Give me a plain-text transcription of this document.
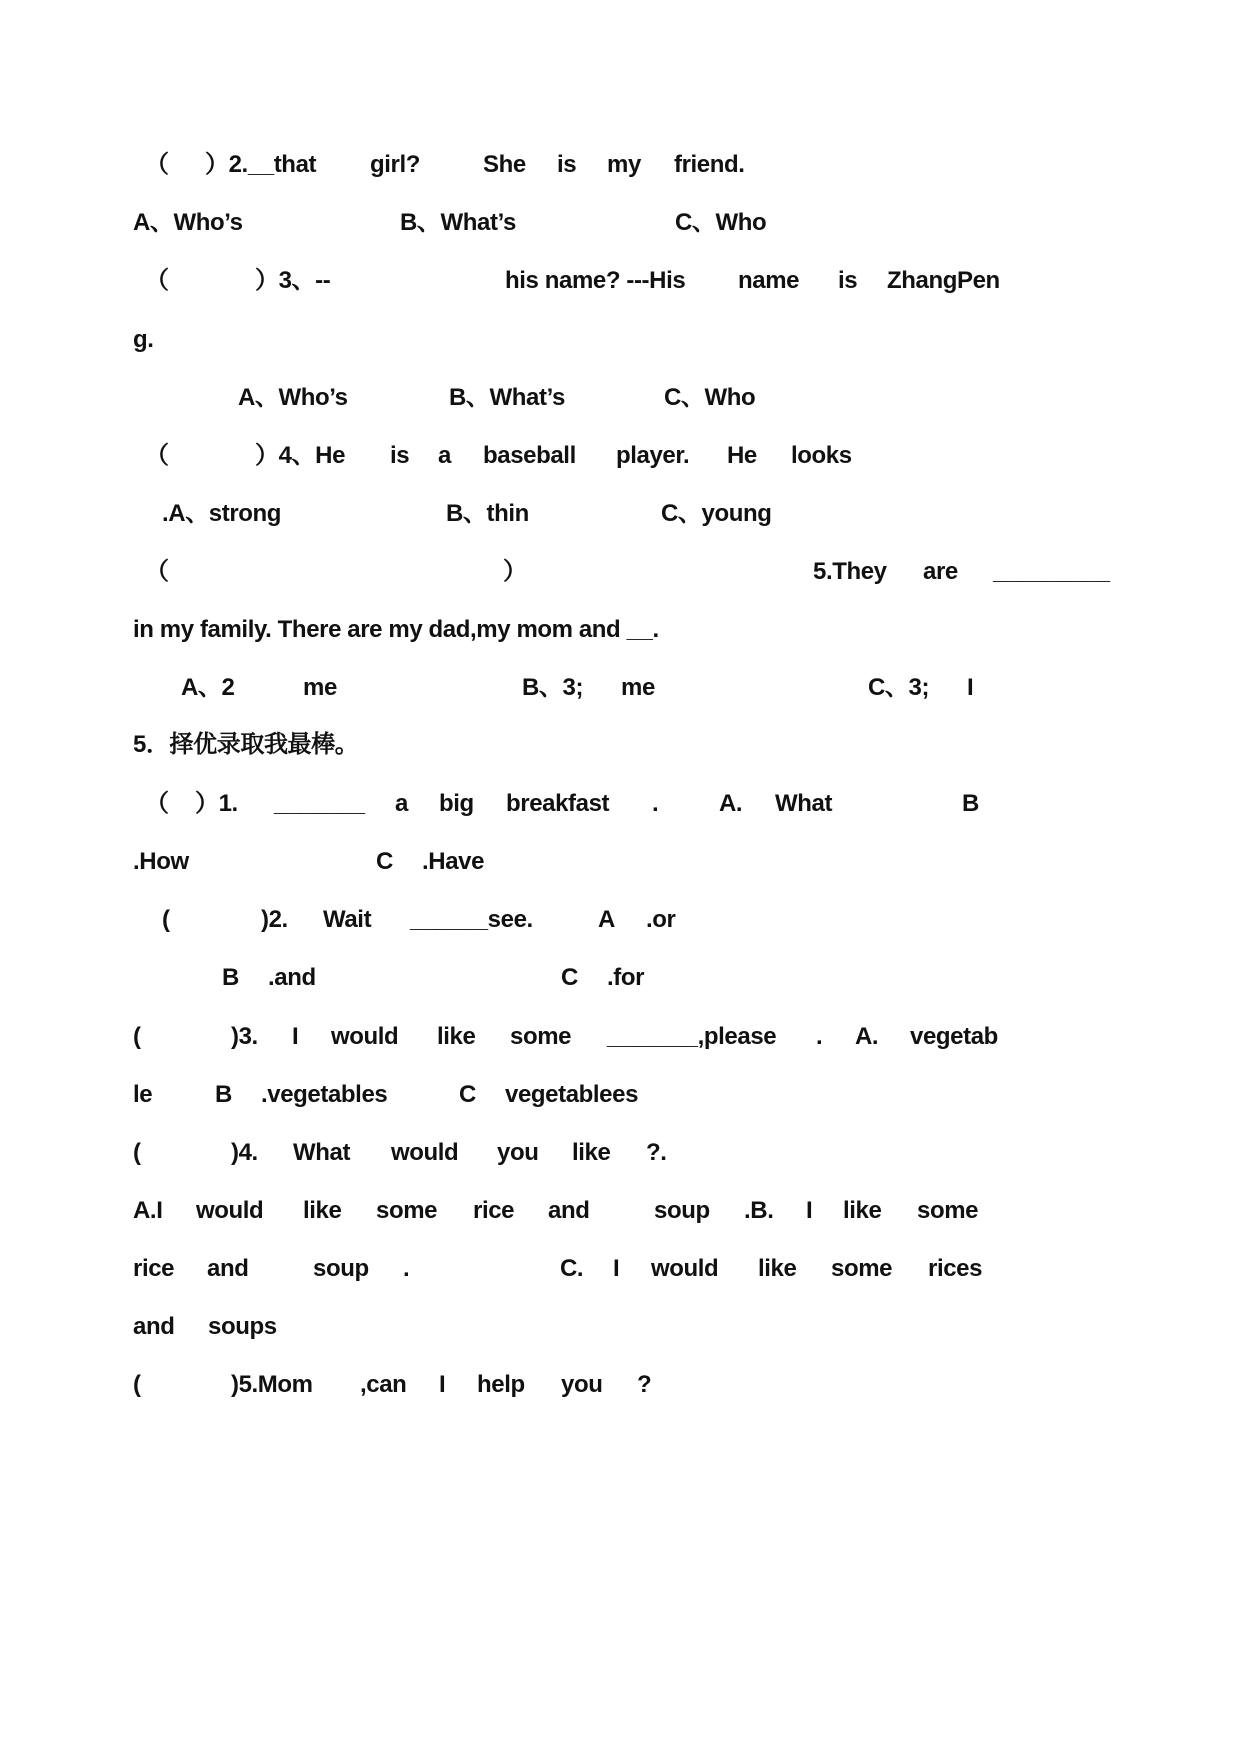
（ ）2.__that girl?	She is my friend.
A、Who’s	B、What’s	C、Who
（	）3、--	his name? ---His name is ZhangPen
g.
A、Who’s	B、What’s	C、Who
（	）4、He is a baseball player. He looks
.A、strong	B、thin	C、young
（	）	5.They are _________
in my family. There are my dad,my mom and __.
A、2	me	B、3; me	C、3; I
5．择优录取我最棒。
（ ）1. _______ a big breakfast .	A. What	B
.How	C .Have
(	)2. Wait ______see.	A .or
B .and	C .for
(	)3. I would like some _______,please . A. vegetab
le	B .vegetables	C vegetablees
(	)4. What would you like ?.
A.I would like some rice and	soup .B. I like some
rice and	soup .	C. I would like some rices
and soups
(	)5.Mom ,can I help you ?
